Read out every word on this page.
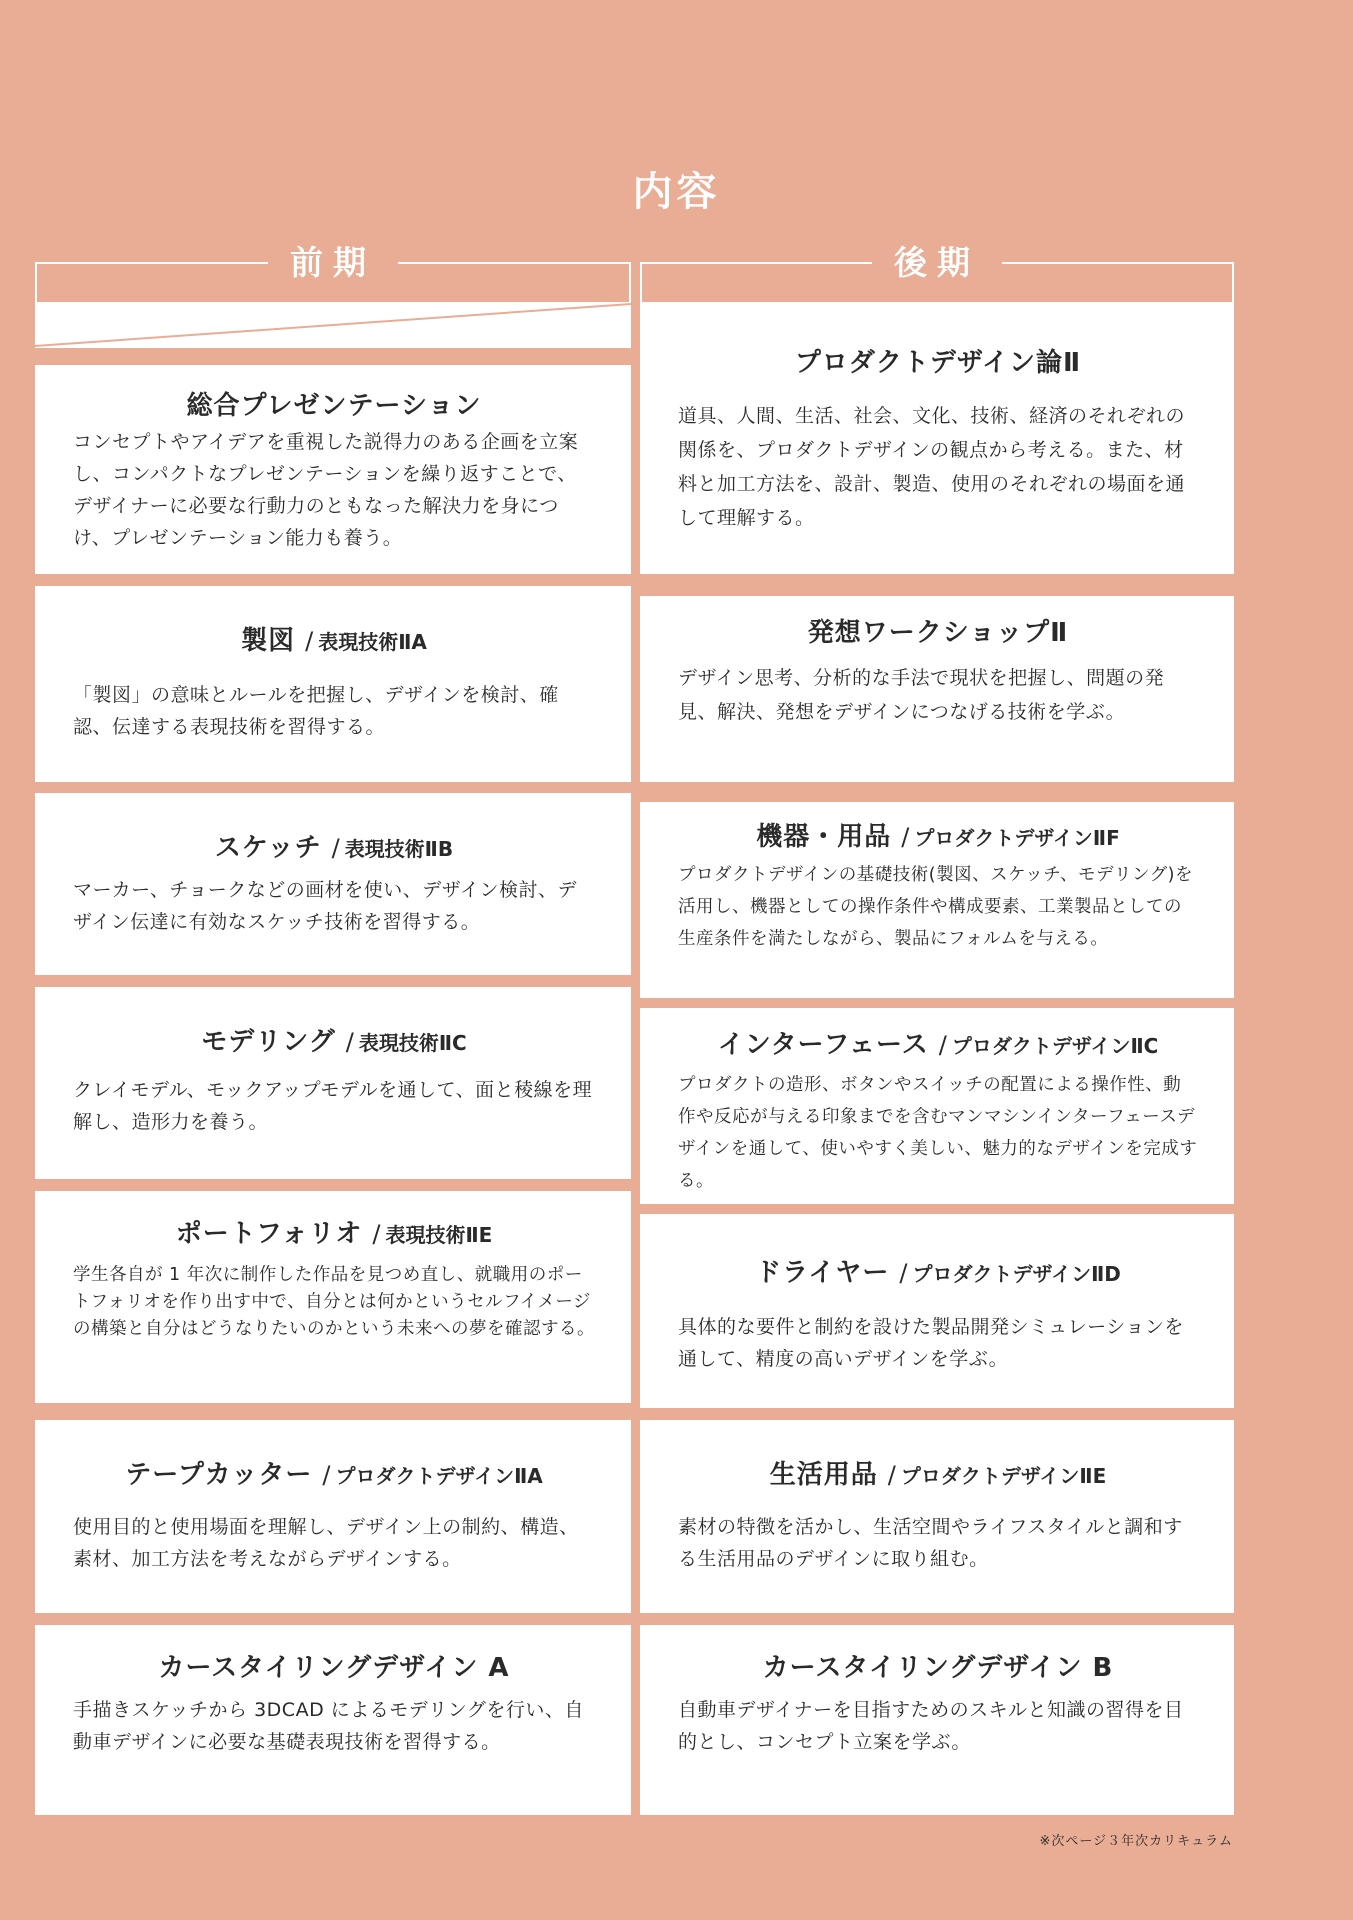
内容
前期	後期
総合プレゼンテーション

コンセプトやアイデアを重視した説得力のある企画を立案し、コンパクトなプレゼンテーションを繰り返すことで、デザイナーに必要な行動力のともなった解決力を身につけ、プレゼンテーション能力も養う。

製図 / 表現技術ⅡA

「製図」の意味とルールを把握し、デザインを検討、確認、伝達する表現技術を習得する。

スケッチ / 表現技術ⅡB

マーカー、チョークなどの画材を使い、デザイン検討、デザイン伝達に有効なスケッチ技術を習得する。

モデリング / 表現技術ⅡC

クレイモデル、モックアップモデルを通して、面と稜線を理解し、造形力を養う。

ポートフォリオ / 表現技術ⅡE

学生各自が 1 年次に制作した作品を見つめ直し、就職用のポートフォリオを作り出す中で、自分とは何かというセルフイメージの構築と自分はどうなりたいのかという未来への夢を確認する。

テープカッター / プロダクトデザインⅡA

使用目的と使用場面を理解し、デザイン上の制約、構造、素材、加工方法を考えながらデザインする。

カースタイリングデザイン A

手描きスケッチから 3DCAD によるモデリングを行い、自動車デザインに必要な基礎表現技術を習得する。

プロダクトデザイン論Ⅱ

道具、人間、生活、社会、文化、技術、経済のそれぞれの関係を、プロダクトデザインの観点から考える。また、材料と加工方法を、設計、製造、使用のそれぞれの場面を通して理解する。

発想ワークショップⅡ

デザイン思考、分析的な手法で現状を把握し、問題の発見、解決、発想をデザインにつなげる技術を学ぶ。

機器・用品 / プロダクトデザインⅡF

プロダクトデザインの基礎技術(製図、スケッチ、モデリング)を活用し、機器としての操作条件や構成要素、工業製品としての生産条件を満たしながら、製品にフォルムを与える。

インターフェース / プロダクトデザインⅡC

プロダクトの造形、ボタンやスイッチの配置による操作性、動作や反応が与える印象までを含むマンマシンインターフェースデザインを通して、使いやすく美しい、魅力的なデザインを完成する。

ドライヤー / プロダクトデザインⅡD

具体的な要件と制約を設けた製品開発シミュレーションを通して、精度の高いデザインを学ぶ。

生活用品 / プロダクトデザインⅡE

素材の特徴を活かし、生活空間やライフスタイルと調和する生活用品のデザインに取り組む。

カースタイリングデザイン B

自動車デザイナーを目指すためのスキルと知識の習得を目的とし、コンセプト立案を学ぶ。

※次ページ３年次カリキュラム
